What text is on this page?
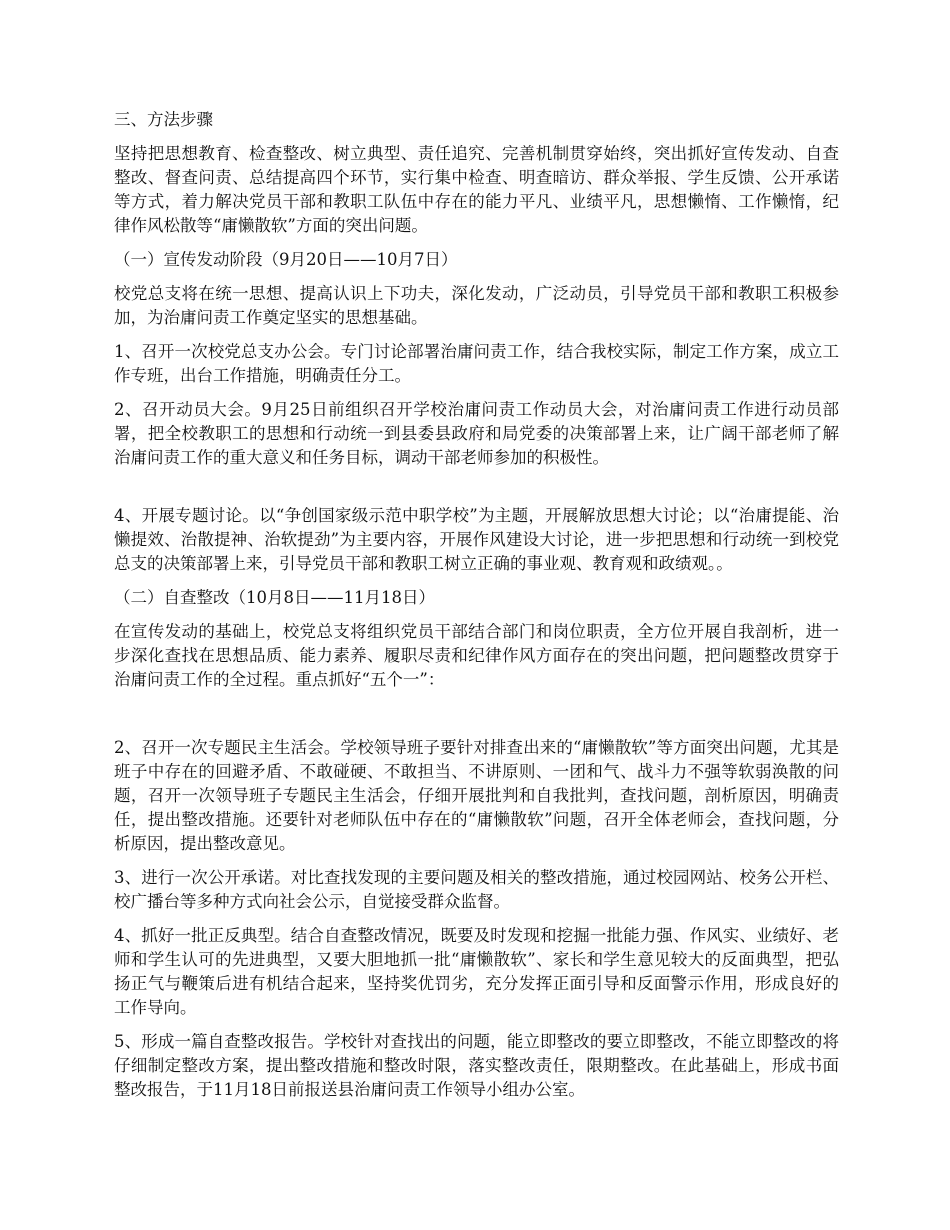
三、方法步骤

坚持把思想教育、检查整改、树立典型、责任追究、完善机制贯穿始终，突出抓好宣传发动、自查整改、督查问责、总结提高四个环节，实行集中检查、明查暗访、群众举报、学生反馈、公开承诺等方式，着力解决党员干部和教职工队伍中存在的能力平凡、业绩平凡，思想懒惰、工作懒惰，纪律作风松散等“庸懒散软”方面的突出问题。

（一）宣传发动阶段（9月20日——10月7日）

校党总支将在统一思想、提高认识上下功夫，深化发动，广泛动员，引导党员干部和教职工积极参加，为治庸问责工作奠定坚实的思想基础。

1、召开一次校党总支办公会。专门讨论部署治庸问责工作，结合我校实际，制定工作方案，成立工作专班，出台工作措施，明确责任分工。

2、召开动员大会。9月25日前组织召开学校治庸问责工作动员大会，对治庸问责工作进行动员部署，把全校教职工的思想和行动统一到县委县政府和局党委的决策部署上来，让广阔干部老师了解治庸问责工作的重大意义和任务目标，调动干部老师参加的积极性。

4、开展专题讨论。以“争创国家级示范中职学校”为主题，开展解放思想大讨论；以“治庸提能、治懒提效、治散提神、治软提劲”为主要内容，开展作风建设大讨论，进一步把思想和行动统一到校党总支的决策部署上来，引导党员干部和教职工树立正确的事业观、教育观和政绩观。。

（二）自查整改（10月8日——11月18日）

在宣传发动的基础上，校党总支将组织党员干部结合部门和岗位职责，全方位开展自我剖析，进一步深化查找在思想品质、能力素养、履职尽责和纪律作风方面存在的突出问题，把问题整改贯穿于治庸问责工作的全过程。重点抓好“五个一”：

2、召开一次专题民主生活会。学校领导班子要针对排查出来的“庸懒散软”等方面突出问题，尤其是班子中存在的回避矛盾、不敢碰硬、不敢担当、不讲原则、一团和气、战斗力不强等软弱涣散的问题，召开一次领导班子专题民主生活会，仔细开展批判和自我批判，查找问题，剖析原因，明确责任，提出整改措施。还要针对老师队伍中存在的“庸懒散软”问题，召开全体老师会，查找问题，分析原因，提出整改意见。

3、进行一次公开承诺。对比查找发现的主要问题及相关的整改措施，通过校园网站、校务公开栏、校广播台等多种方式向社会公示，自觉接受群众监督。

4、抓好一批正反典型。结合自查整改情况，既要及时发现和挖掘一批能力强、作风实、业绩好、老师和学生认可的先进典型，又要大胆地抓一批“庸懒散软”、家长和学生意见较大的反面典型，把弘扬正气与鞭策后进有机结合起来，坚持奖优罚劣，充分发挥正面引导和反面警示作用，形成良好的工作导向。

5、形成一篇自查整改报告。学校针对查找出的问题，能立即整改的要立即整改，不能立即整改的将仔细制定整改方案，提出整改措施和整改时限，落实整改责任，限期整改。在此基础上，形成书面整改报告，于11月18日前报送县治庸问责工作领导小组办公室。
